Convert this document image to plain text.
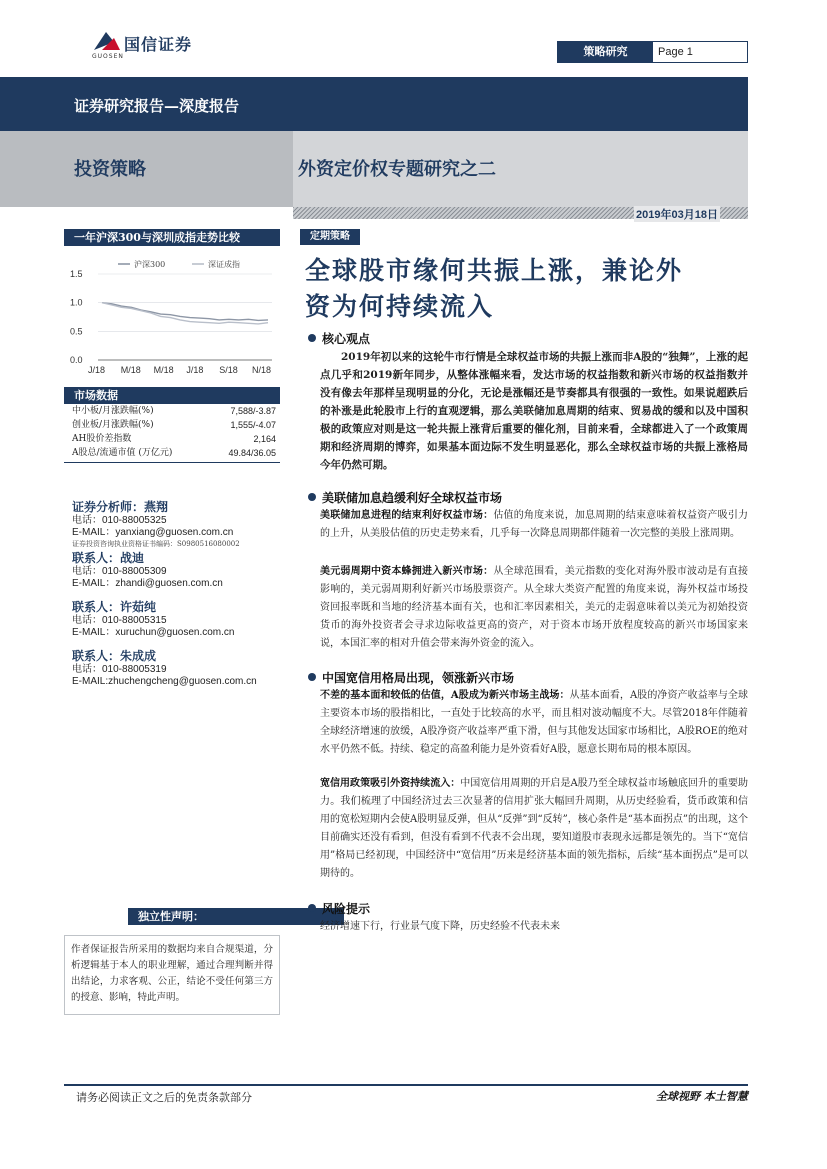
国信证券
GUOSEN	策略研究	Page 1
证券研究报告—深度报告
投资策略	外资定价权专题研究之二
2019年03月18日
一年沪深300与深圳成指走势比较
1.5
1.0
0.5
0.0
J/18 M/18 M/18 J/18 S/18 N/18
沪深300	深证成指
市场数据
中小板/月涨跌幅(%)	7,588/-3.87
创业板/月涨跌幅(%)	1,555/-4.07
AH股价差指数	2,164
A股总/流通市值 (万亿元)	49.84/36.05
证券分析师：燕翔
电话：010-88005325
E-MAIL：yanxiang@guosen.com.cn
证券投资咨询执业资格证书编码：S0980516080002
联系人：战迪
电话：010-88005309
E-MAIL：zhandi@guosen.com.cn
联系人：许茹纯
电话：010-88005315
E-MAIL：xuruchun@guosen.com.cn
联系人：朱成成
电话：010-88005319
E-MAIL:zhuchengcheng@guosen.com.cn
独立性声明：
作者保证报告所采用的数据均来自合规渠道，分析逻辑基于本人的职业理解，通过合理判断并得出结论，力求客观、公正，结论不受任何第三方的授意、影响，特此声明。
定期策略
全球股市缘何共振上涨，兼论外
资为何持续流入
核心观点
2019年初以来的这轮牛市行情是全球权益市场的共振上涨而非A股的“独舞”，上涨的起点几乎和2019新年同步，从整体涨幅来看，发达市场的权益指数和新兴市场的权益指数并没有像去年那样呈现明显的分化，无论是涨幅还是节奏都具有很强的一致性。如果说超跌后的补涨是此轮股市上行的直观逻辑，那么美联储加息周期的结束、贸易战的缓和以及中国积极的政策应对则是这一轮共振上涨背后重要的催化剂，目前来看，全球都进入了一个政策周期和经济周期的博弈，如果基本面边际不发生明显恶化，那么全球权益市场的共振上涨格局今年仍然可期。
美联储加息趋缓利好全球权益市场
美联储加息进程的结束利好权益市场：估值的角度来说，加息周期的结束意味着权益资产吸引力的上升，从美股估值的历史走势来看，几乎每一次降息周期都伴随着一次完整的美股上涨周期。
美元弱周期中资本蜂拥进入新兴市场：从全球范围看，美元指数的变化对海外股市波动是有直接影响的，美元弱周期利好新兴市场股票资产。从全球大类资产配置的角度来说，海外权益市场投资回报率既和当地的经济基本面有关，也和汇率因素相关，美元的走弱意味着以美元为初始投资货币的海外投资者会寻求边际收益更高的资产，对于资本市场开放程度较高的新兴市场国家来说，本国汇率的相对升值会带来海外资金的流入。
中国宽信用格局出现，领涨新兴市场
不差的基本面和较低的估值，A股成为新兴市场主战场：从基本面看，A股的净资产收益率与全球主要资本市场的股指相比，一直处于比较高的水平，而且相对波动幅度不大。尽管2018年伴随着全球经济增速的放缓，A股净资产收益率严重下滑，但与其他发达国家市场相比，A股ROE的绝对水平仍然不低。持续、稳定的高盈利能力是外资看好A股，愿意长期布局的根本原因。
宽信用政策吸引外资持续流入：中国宽信用周期的开启是A股乃至全球权益市场触底回升的重要助力。我们梳理了中国经济过去三次显著的信用扩张大幅回升周期，从历史经验看，货币政策和信用的宽松短期内会使A股明显反弹，但从“反弹”到“反转”，核心条件是“基本面拐点”的出现，这个目前确实还没有看到，但没有看到不代表不会出现，要知道股市表现永远都是领先的。当下“宽信用”格局已经初现，中国经济中“宽信用”历来是经济基本面的领先指标，后续“基本面拐点”是可以期待的。
风险提示
经济增速下行，行业景气度下降，历史经验不代表未来
请务必阅读正文之后的免责条款部分	全球视野 本土智慧
